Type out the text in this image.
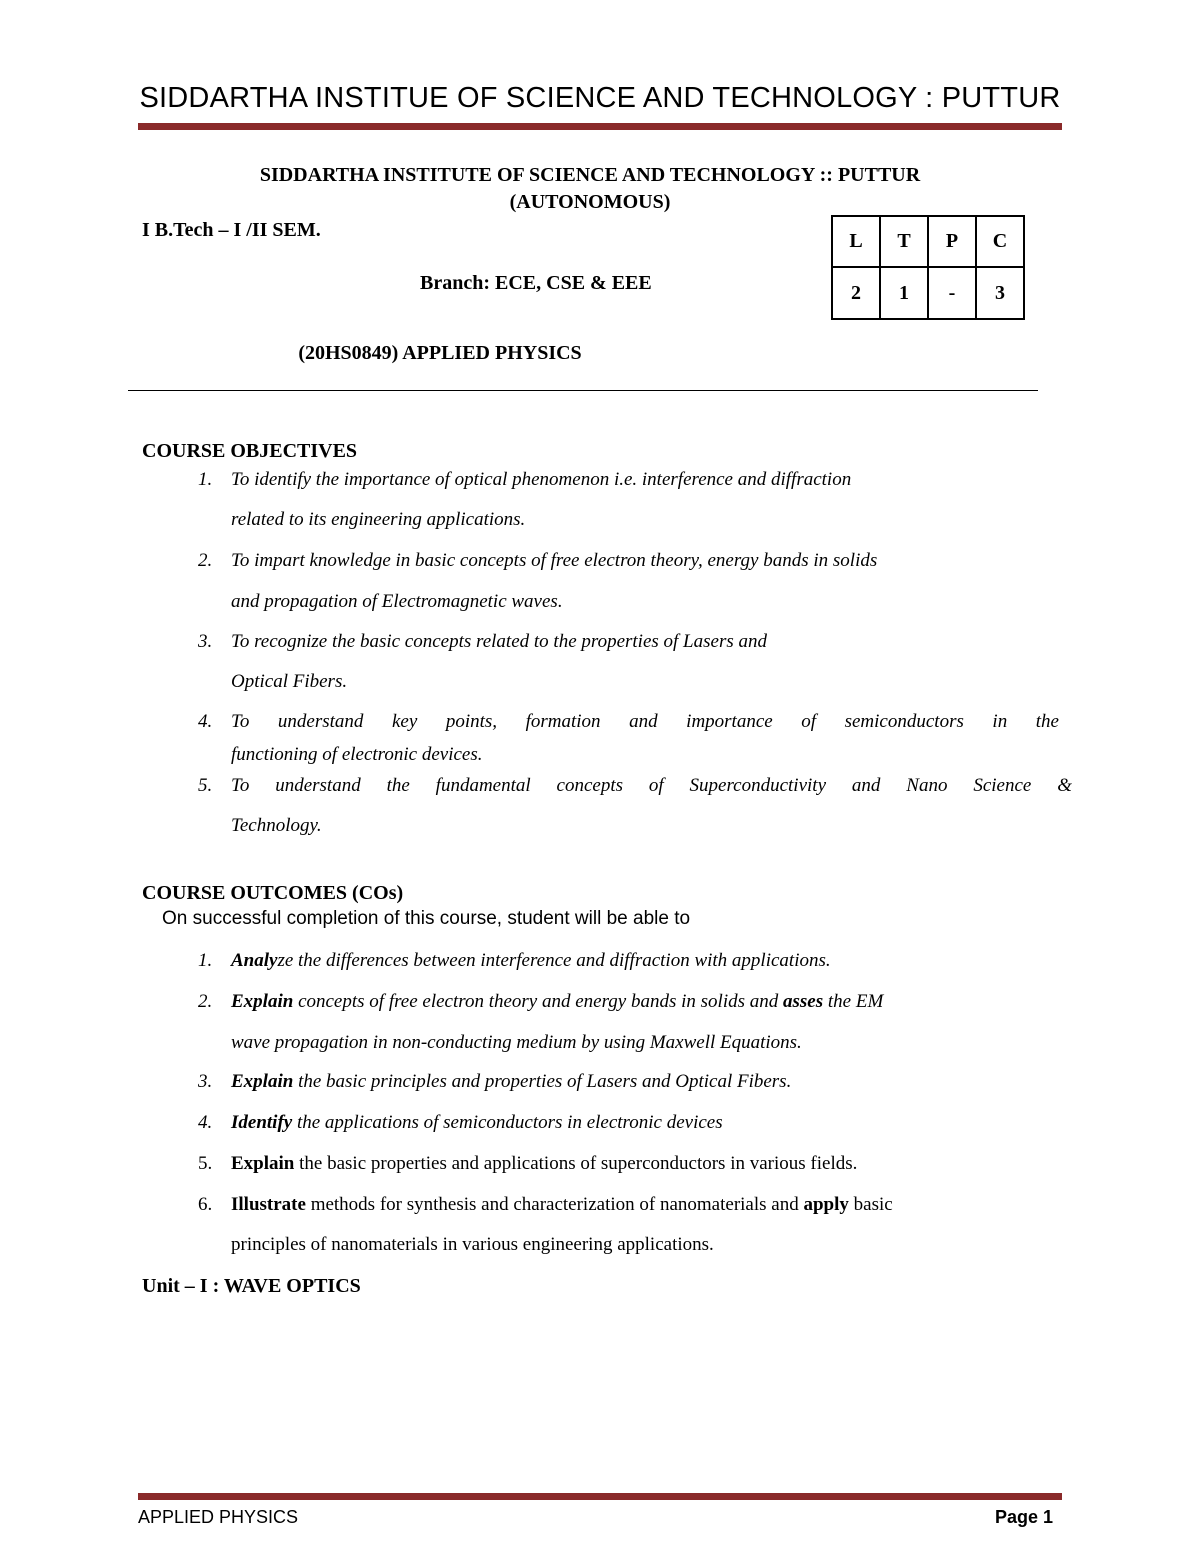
SIDDARTHA INSTITUE OF SCIENCE AND TECHNOLOGY : PUTTUR
SIDDARTHA INSTITUTE OF SCIENCE AND TECHNOLOGY :: PUTTUR
(AUTONOMOUS)
I B.Tech – I /II SEM.
Branch: ECE, CSE & EEE
L	T	P	C
2	1	-	3
(20HS0849) APPLIED PHYSICS
COURSE OBJECTIVES
1. To identify the importance of optical phenomenon i.e. interference and diffraction
related to its engineering applications.
2. To impart knowledge in basic concepts of free electron theory, energy bands in solids
and propagation of Electromagnetic waves.
3. To recognize the basic concepts related to the properties of Lasers and
Optical Fibers.
4. To understand key points, formation and importance of semiconductors in the
functioning of electronic devices.
5. To understand the fundamental concepts of Superconductivity and Nano Science &
Technology.
COURSE OUTCOMES (COs)
On successful completion of this course, student will be able to
1. Analyze the differences between interference and diffraction with applications.
2. Explain concepts of free electron theory and energy bands in solids and asses the EM
wave propagation in non-conducting medium by using Maxwell Equations.
3. Explain the basic principles and properties of Lasers and Optical Fibers.
4. Identify the applications of semiconductors in electronic devices
5. Explain the basic properties and applications of superconductors in various fields.
6. Illustrate methods for synthesis and characterization of nanomaterials and apply basic
principles of nanomaterials in various engineering applications.
Unit – I : WAVE OPTICS
APPLIED PHYSICS	Page 1
